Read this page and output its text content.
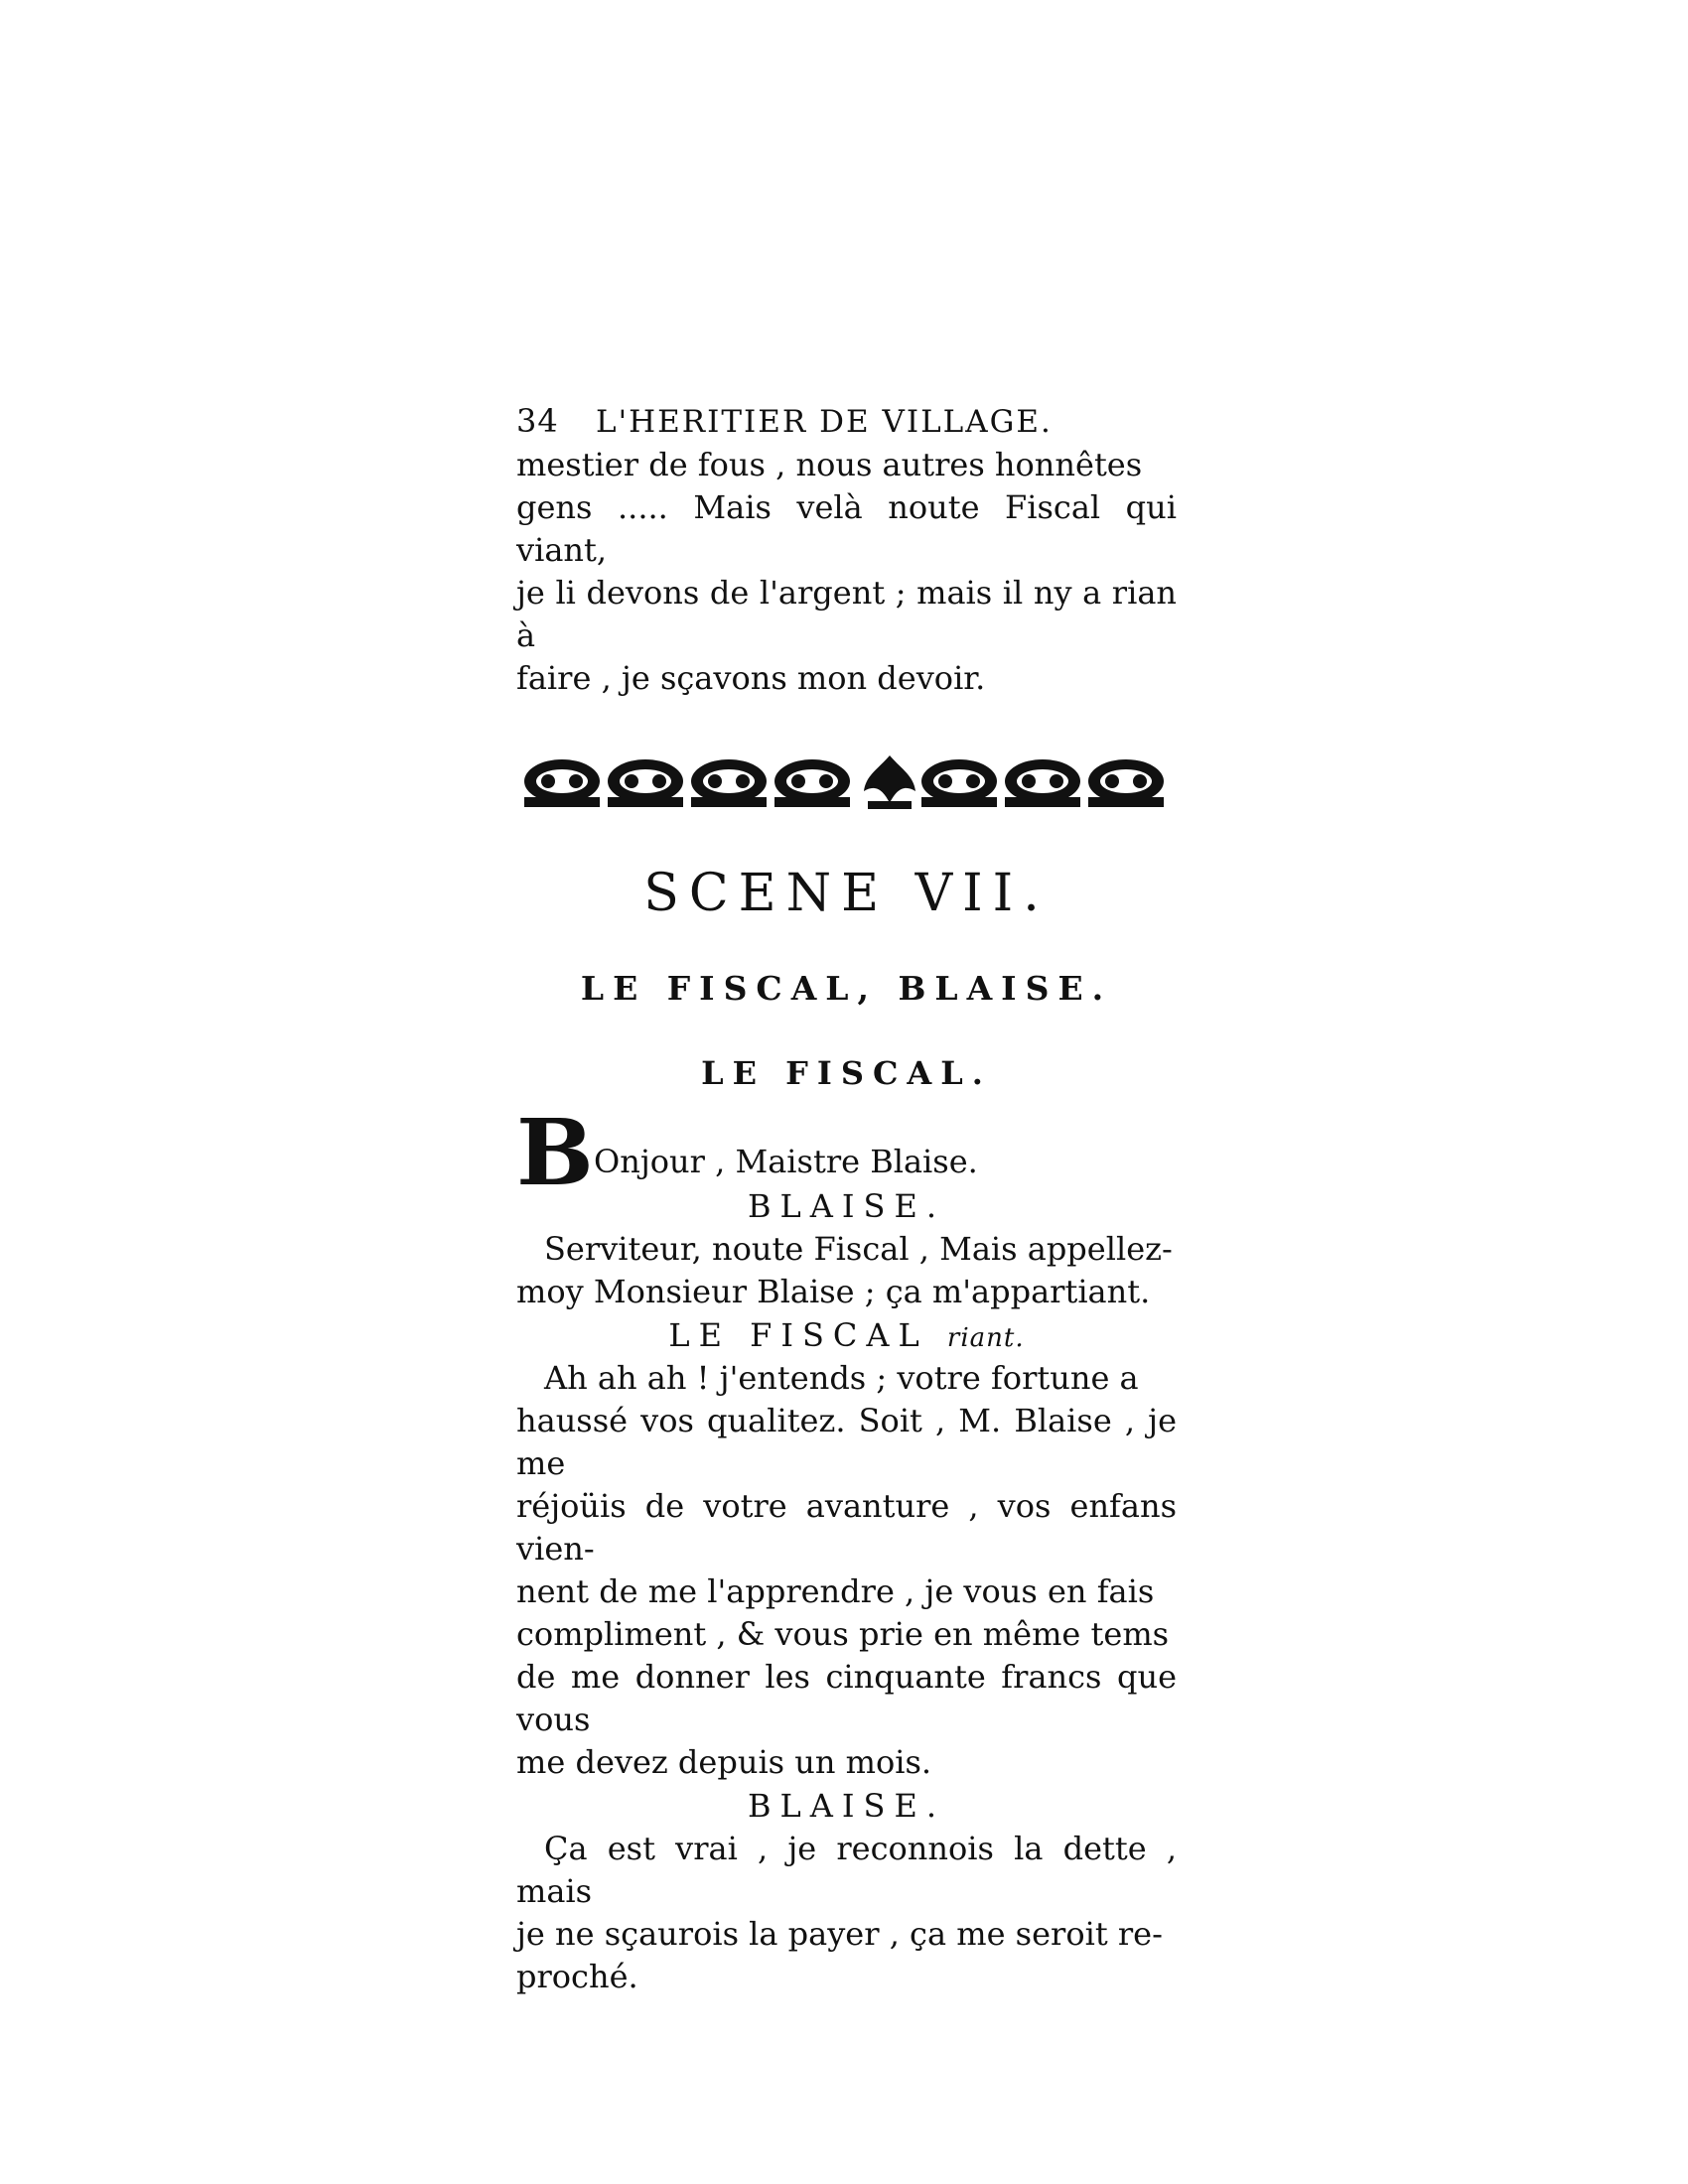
34	L'HERITIER DE VILLAGE.

mestier de fous , nous autres honnêtes

gens ..... Mais velà noute Fiscal qui viant,

je li devons de l'argent ; mais il ny a rian à

faire , je sçavons mon devoir.

SCENE VII.
LE FISCAL, BLAISE.
LE FISCAL.
B Onjour , Maistre Blaise.
BLAISE.

Serviteur, noute Fiscal , Mais appellez-

moy Monsieur Blaise ; ça m'appartiant.

LE FISCAL riant.

Ah ah ah ! j'entends ; votre fortune a

haussé vos qualitez. Soit , M. Blaise , je me

réjoüis de votre avanture , vos enfans vien-

nent de me l'apprendre , je vous en fais

compliment , & vous prie en même tems

de me donner les cinquante francs que vous

me devez depuis un mois.

BLAISE.

Ça est vrai , je reconnois la dette , mais

je ne sçaurois la payer , ça me seroit re-

proché.
